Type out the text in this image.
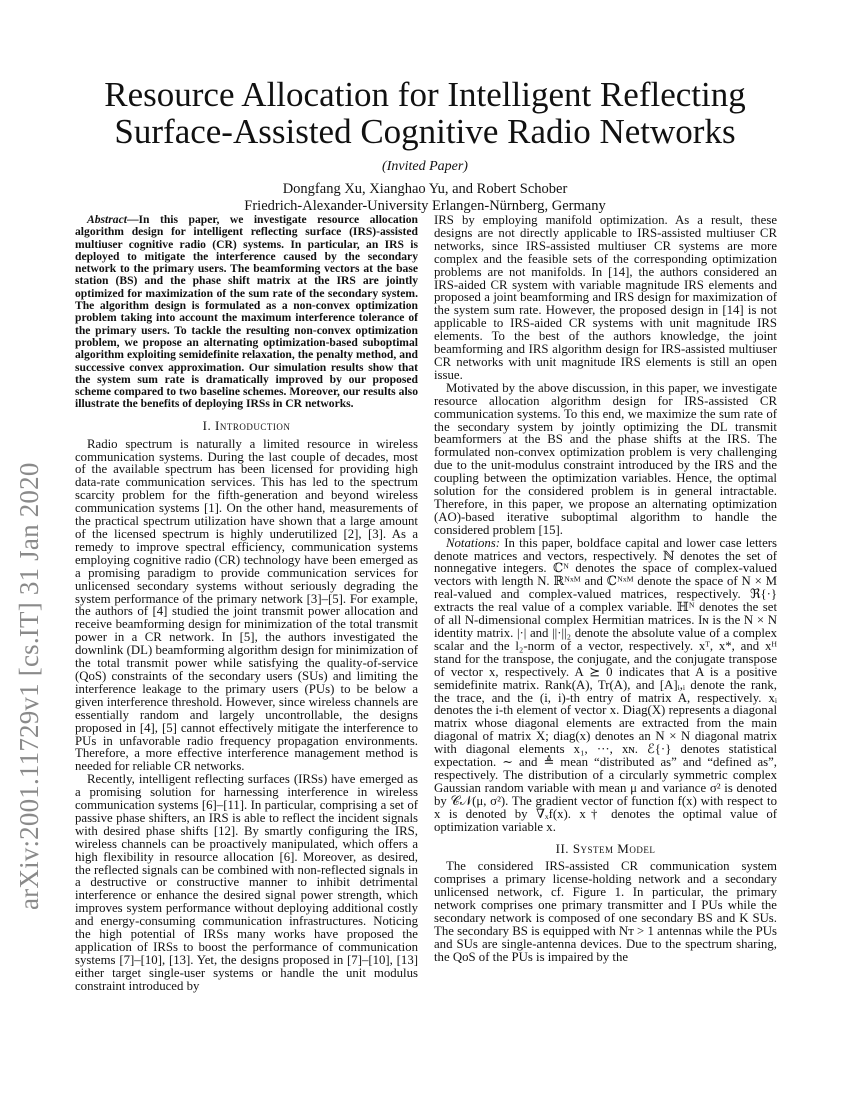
arXiv:2001.11729v1 [cs.IT] 31 Jan 2020
Resource Allocation for Intelligent Reflecting
Surface-Assisted Cognitive Radio Networks
(Invited Paper)
Dongfang Xu, Xianghao Yu, and Robert Schober
Friedrich-Alexander-University Erlangen-Nürnberg, Germany

Abstract—In this paper, we investigate resource allocation algorithm design for intelligent reflecting surface (IRS)-assisted multiuser cognitive radio (CR) systems. In particular, an IRS is deployed to mitigate the interference caused by the secondary network to the primary users. The beamforming vectors at the base station (BS) and the phase shift matrix at the IRS are jointly optimized for maximization of the sum rate of the secondary system. The algorithm design is formulated as a non-convex optimization problem taking into account the maximum interference tolerance of the primary users. To tackle the resulting non-convex optimization problem, we propose an alternating optimization-based suboptimal algorithm exploiting semidefinite relaxation, the penalty method, and successive convex approximation. Our simulation results show that the system sum rate is dramatically improved by our proposed scheme compared to two baseline schemes. Moreover, our results also illustrate the benefits of deploying IRSs in CR networks.

I. Introduction

Radio spectrum is naturally a limited resource in wireless communication systems. During the last couple of decades, most of the available spectrum has been licensed for providing high data-rate communication services. This has led to the spectrum scarcity problem for the fifth-generation and beyond wireless communication systems [1]. On the other hand, measurements of the practical spectrum utilization have shown that a large amount of the licensed spectrum is highly underutilized [2], [3]. As a remedy to improve spectral efficiency, communication systems employing cognitive radio (CR) technology have been emerged as a promising paradigm to provide communication services for unlicensed secondary systems without seriously degrading the system performance of the primary network [3]–[5]. For example, the authors of [4] studied the joint transmit power allocation and receive beamforming design for minimization of the total transmit power in a CR network. In [5], the authors investigated the downlink (DL) beamforming algorithm design for minimization of the total transmit power while satisfying the quality-of-service (QoS) constraints of the secondary users (SUs) and limiting the interference leakage to the primary users (PUs) to be below a given interference threshold. However, since wireless channels are essentially random and largely uncontrollable, the designs proposed in [4], [5] cannot effectively mitigate the interference to PUs in unfavorable radio frequency propagation environments. Therefore, a more effective interference management method is needed for reliable CR networks.

Recently, intelligent reflecting surfaces (IRSs) have emerged as a promising solution for harnessing interference in wireless communication systems [6]–[11]. In particular, comprising a set of passive phase shifters, an IRS is able to reflect the incident signals with desired phase shifts [12]. By smartly configuring the IRS, wireless channels can be proactively manipulated, which offers a high flexibility in resource allocation [6]. Moreover, as desired, the reflected signals can be combined with non-reflected signals in a destructive or constructive manner to inhibit detrimental interference or enhance the desired signal power strength, which improves system performance without deploying additional costly and energy-consuming communication infrastructures. Noticing the high potential of IRSs many works have proposed the application of IRSs to boost the performance of communication systems [7]–[10], [13]. Yet, the designs proposed in [7]–[10], [13] either target single-user systems or handle the unit modulus constraint introduced by

IRS by employing manifold optimization. As a result, these designs are not directly applicable to IRS-assisted multiuser CR networks, since IRS-assisted multiuser CR systems are more complex and the feasible sets of the corresponding optimization problems are not manifolds. In [14], the authors considered an IRS-aided CR system with variable magnitude IRS elements and proposed a joint beamforming and IRS design for maximization of the system sum rate. However, the proposed design in [14] is not applicable to IRS-aided CR systems with unit magnitude IRS elements. To the best of the authors knowledge, the joint beamforming and IRS algorithm design for IRS-assisted multiuser CR networks with unit magnitude IRS elements is still an open issue.

Motivated by the above discussion, in this paper, we investigate resource allocation algorithm design for IRS-assisted CR communication systems. To this end, we maximize the sum rate of the secondary system by jointly optimizing the DL transmit beamformers at the BS and the phase shifts at the IRS. The formulated non-convex optimization problem is very challenging due to the unit-modulus constraint introduced by the IRS and the coupling between the optimization variables. Hence, the optimal solution for the considered problem is in general intractable. Therefore, in this paper, we propose an alternating optimization (AO)-based iterative suboptimal algorithm to handle the considered problem [15].

Notations: In this paper, boldface capital and lower case letters denote matrices and vectors, respectively. ℕ denotes the set of nonnegative integers. ℂᴺ denotes the space of complex-valued vectors with length N. ℝᴺˣᴹ and ℂᴺˣᴹ denote the space of N × M real-valued and complex-valued matrices, respectively. ℜ{·} extracts the real value of a complex variable. ℍᴺ denotes the set of all N-dimensional complex Hermitian matrices. Iɴ is the N × N identity matrix. |·| and ||·||₂ denote the absolute value of a complex scalar and the l₂-norm of a vector, respectively. xᵀ, x*, and xᴴ stand for the transpose, the conjugate, and the conjugate transpose of vector x, respectively. A ⪰ 0 indicates that A is a positive semidefinite matrix. Rank(A), Tr(A), and [A]ᵢ,ᵢ denote the rank, the trace, and the (i, i)-th entry of matrix A, respectively. xᵢ denotes the i-th element of vector x. Diag(X) represents a diagonal matrix whose diagonal elements are extracted from the main diagonal of matrix X; diag(x) denotes an N × N diagonal matrix with diagonal elements x₁, ···, xɴ. ℰ{·} denotes statistical expectation. ∼ and ≜ mean “distributed as” and “defined as”, respectively. The distribution of a circularly symmetric complex Gaussian random variable with mean μ and variance σ² is denoted by 𝒞𝒩(μ, σ²). The gradient vector of function f(x) with respect to x is denoted by ∇ₓf(x). x† denotes the optimal value of optimization variable x.

II. System Model

The considered IRS-assisted CR communication system comprises a primary license-holding network and a secondary unlicensed network, cf. Figure 1. In particular, the primary network comprises one primary transmitter and I PUs while the secondary network is composed of one secondary BS and K SUs. The secondary BS is equipped with Nᴛ > 1 antennas while the PUs and SUs are single-antenna devices. Due to the spectrum sharing, the QoS of the PUs is impaired by the
